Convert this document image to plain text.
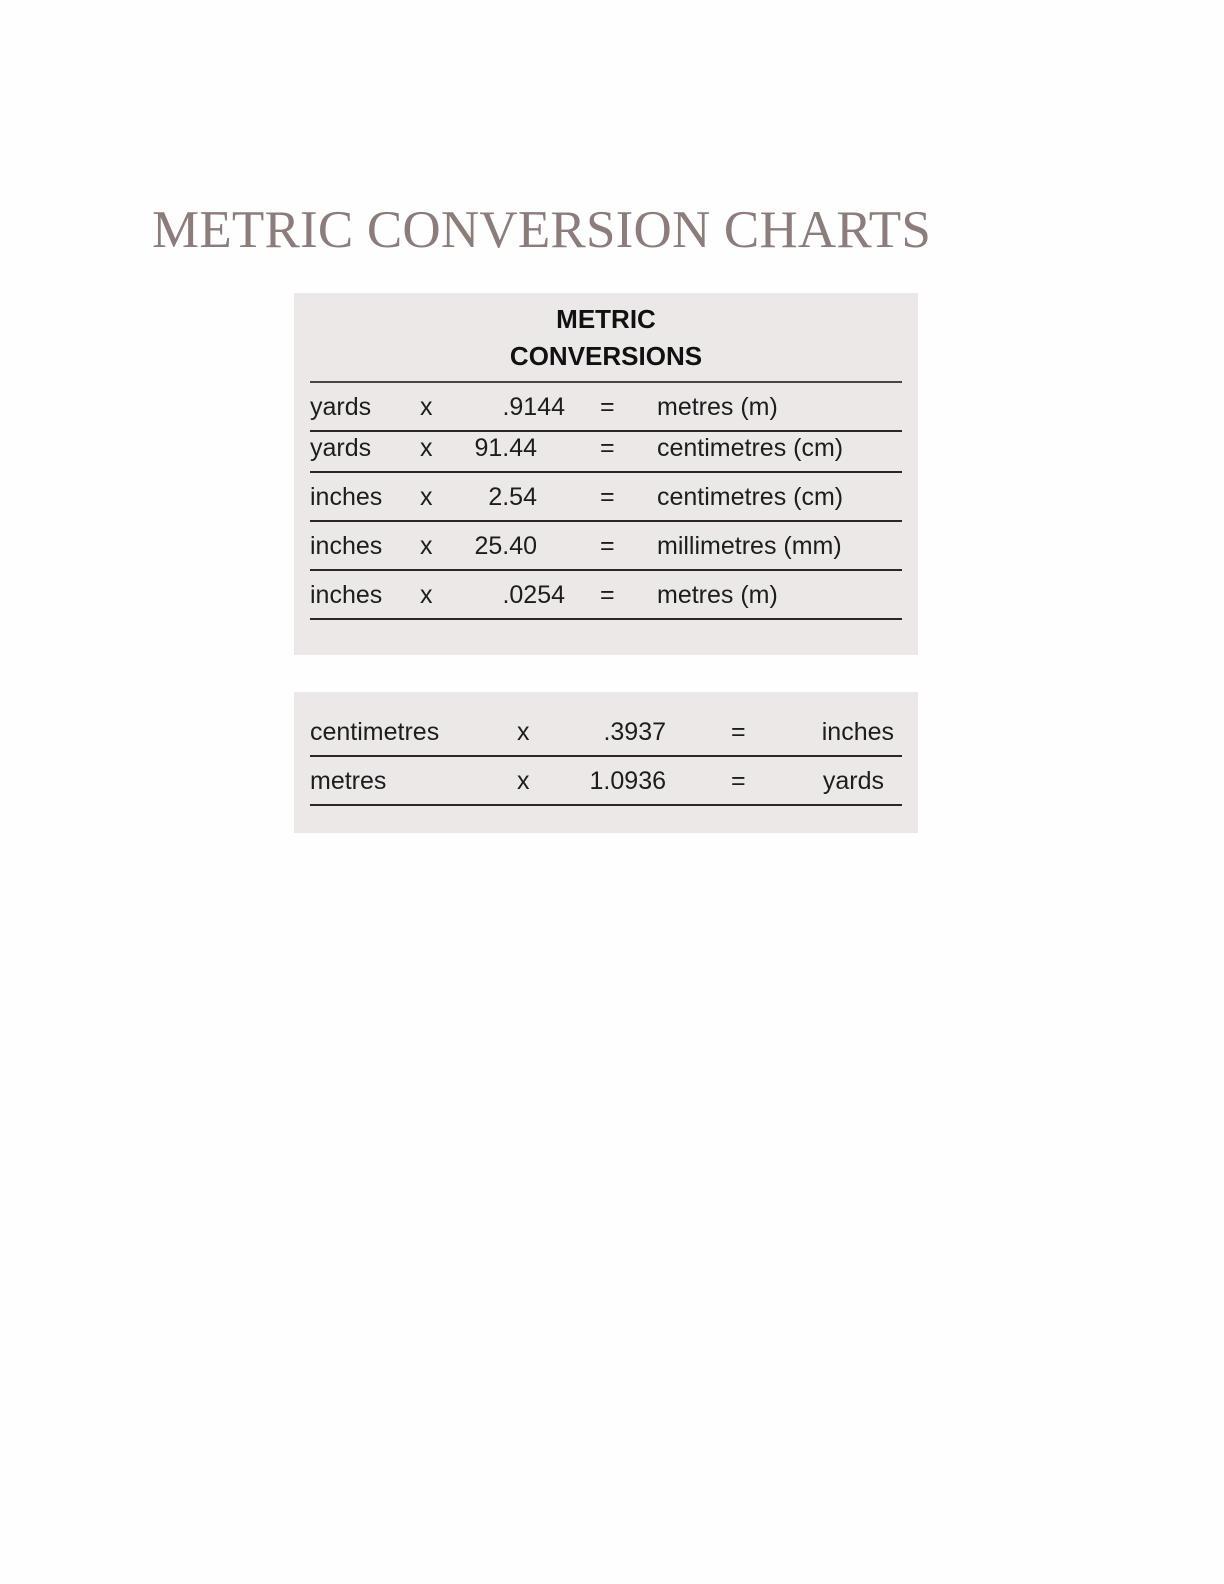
METRIC CONVERSION CHARTS
METRIC
CONVERSIONS
yards x	.9144 = metres (m)
yards x 91.44	= centimetres (cm)
inches x 2.54	= centimetres (cm)
inches x 25.40	= millimetres (mm)
inches x	.0254 = metres (m)
centimetres	x	.3937	=	inches
metres	x 1.0936	=	yards
